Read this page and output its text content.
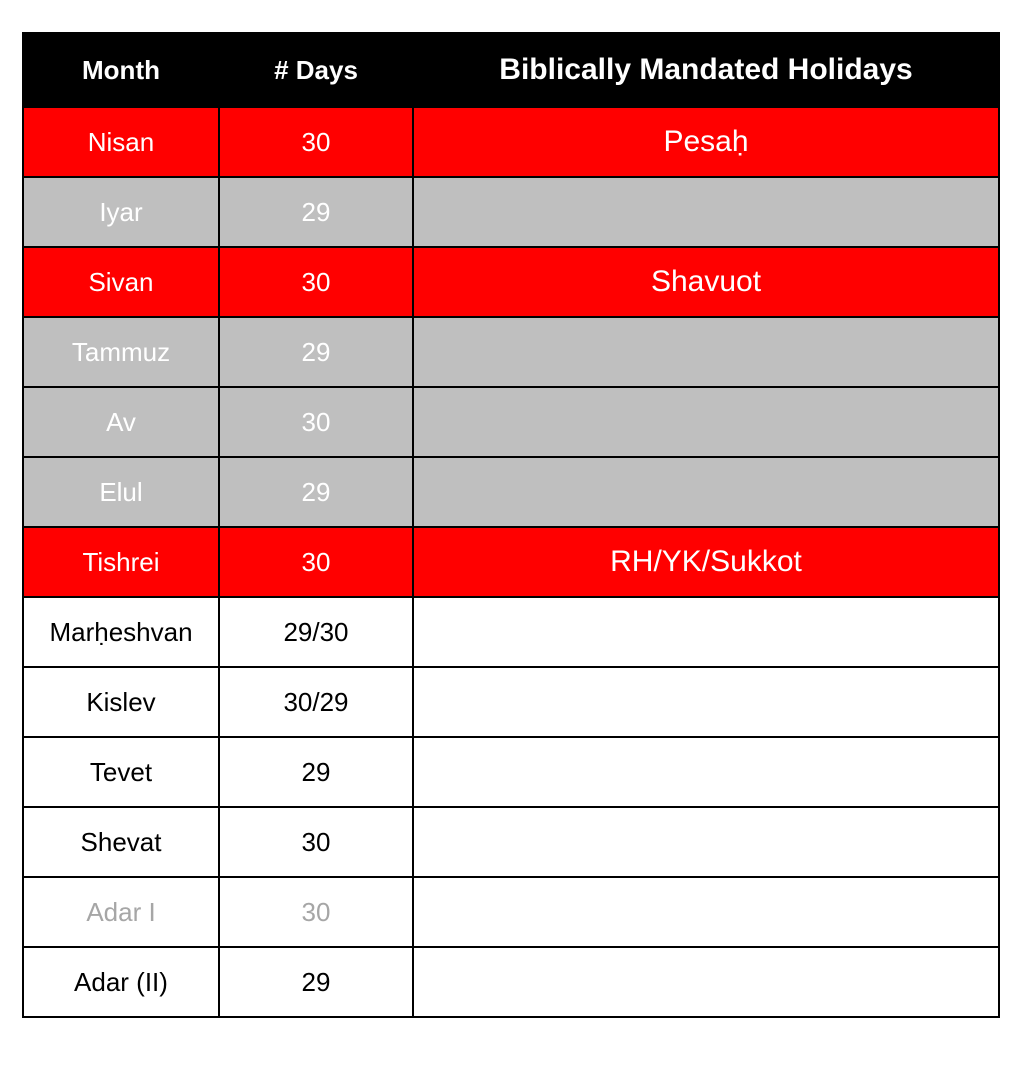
Month	# Days	Biblically Mandated Holidays
Nisan	30	Pesaḥ
Iyar	29	
Sivan	30	Shavuot
Tammuz	29	
Av	30	
Elul	29	
Tishrei	30	RH/YK/Sukkot
Marḥeshvan	29/30	
Kislev	30/29	
Tevet	29	
Shevat	30	
Adar I	30	
Adar (II)	29	
